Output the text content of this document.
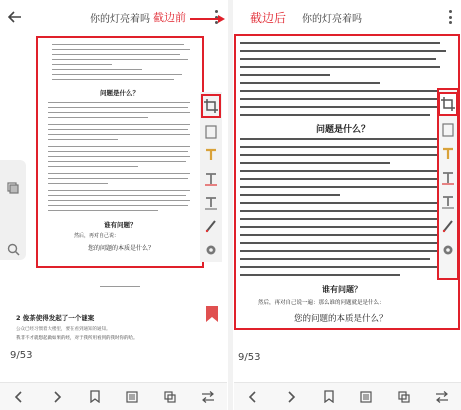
你的灯亮着吗 截边前
问题是什么？
谁有问题？
然后，再对自己说：
您的问题的本质是什么？
2 俊茶使得发起了一个谜案
公众已经习惯着大楼里，要在看到通知的通知。
我非不才就想起做如果的经，对于我所用看到的我时你的哈。
9/53
截边后 你的灯亮着吗
问题是什么？
谁有问题？
然后，再对自己说一遍：那么谁的问题就是是什么：
您的问题的本质是什么？
9/53
